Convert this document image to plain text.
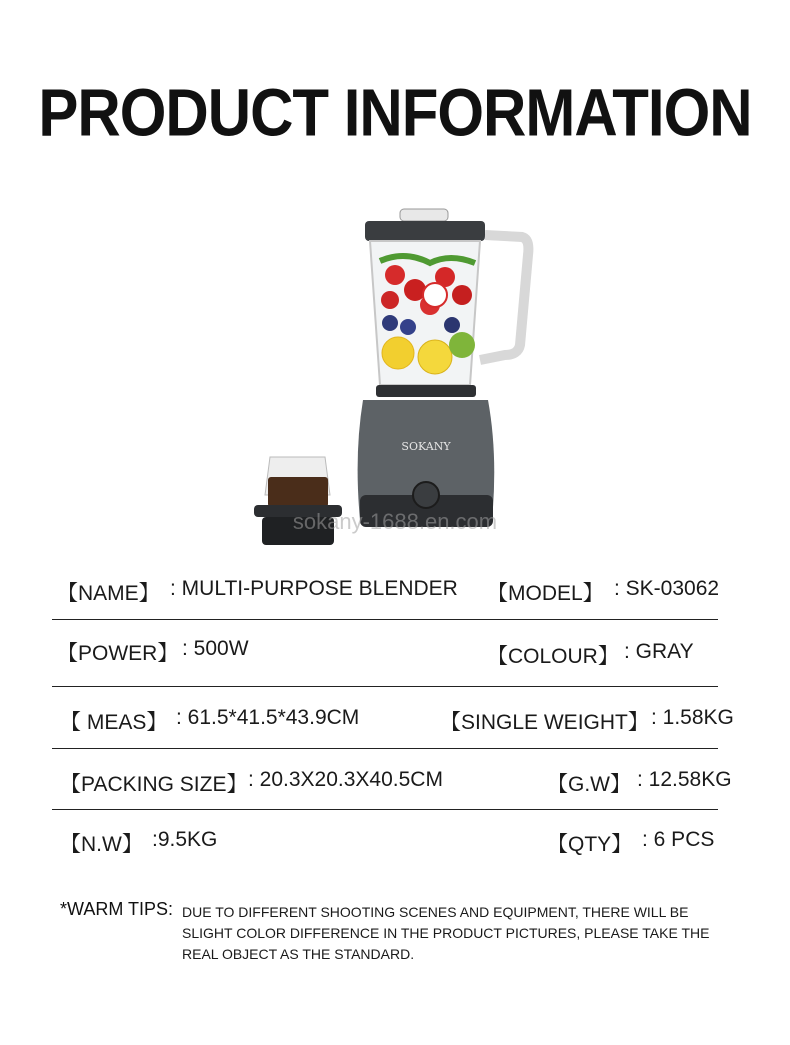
PRODUCT INFORMATION
SOKANY
sokany-1688.en.com
【NAME】 : MULTI-PURPOSE BLENDER 【MODEL】 : SK-03062
【POWER】 : 500W	【COLOUR】 : GRAY
【 MEAS】 : 61.5*41.5*43.9CM	【SINGLE WEIGHT】 : 1.58KG
【PACKING SIZE】 : 20.3X20.3X40.5CM	【G.W】 : 12.58KG
【N.W】 :9.5KG	【QTY】 : 6 PCS
*WARM TIPS: DUE TO DIFFERENT SHOOTING SCENES AND EQUIPMENT, THERE WILL BE SLIGHT COLOR DIFFERENCE IN THE PRODUCT PICTURES, PLEASE TAKE THE REAL OBJECT AS THE STANDARD.
